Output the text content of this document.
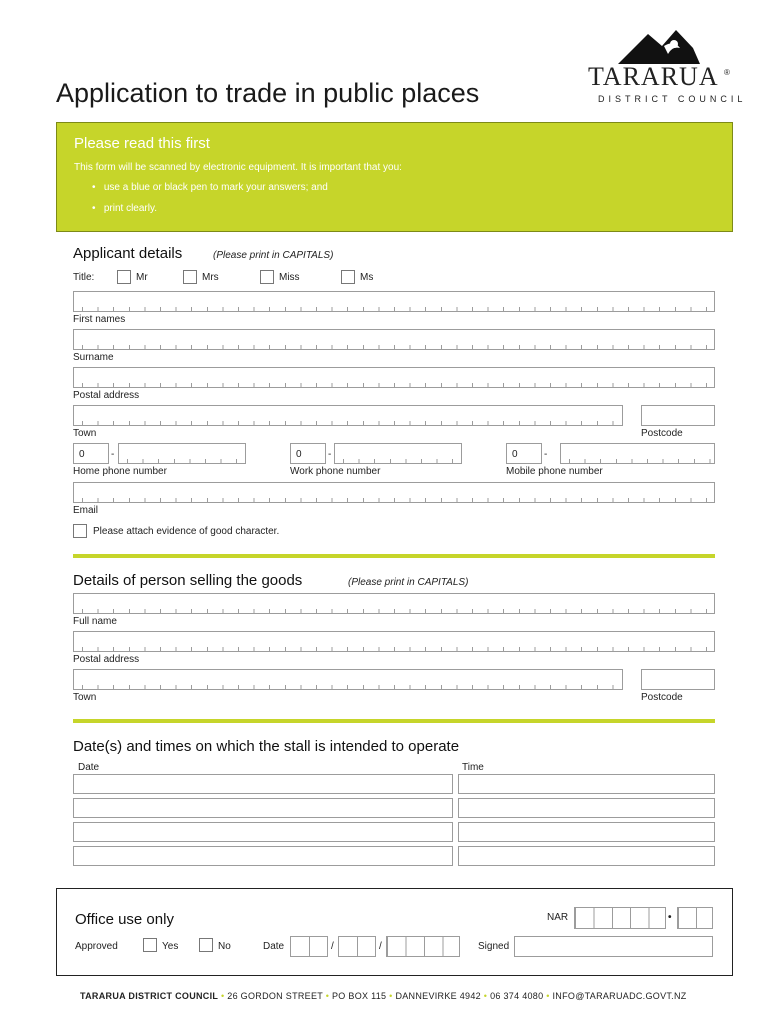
Application to trade in public places
TARARUA ®
DISTRICT COUNCIL
Please read this first
This form will be scanned by electronic equipment. It is important that you:
•   use a blue or black pen to mark your answers; and
•   print clearly.
Applicant details	(Please print in CAPITALS)
Title:	Mr	Mrs	Miss	Ms
First names
Surname
Postal address
Town	Postcode
0	-
Home phone number
0	-
Work phone number
0	-
Mobile phone number
Email
Please attach evidence of good character.
Details of person selling the goods	(Please print in CAPITALS)
Full name
Postal address
Town	Postcode
Date(s) and times on which the stall is intended to operate
Date	Time
Office use only	NAR	•
Approved	Yes	No	Date	/	/	Signed
TARARUA DISTRICT COUNCIL • 26 GORDON STREET • PO BOX 115 • DANNEVIRKE 4942 • 06 374 4080 • INFO@TARARUADC.GOVT.NZ
